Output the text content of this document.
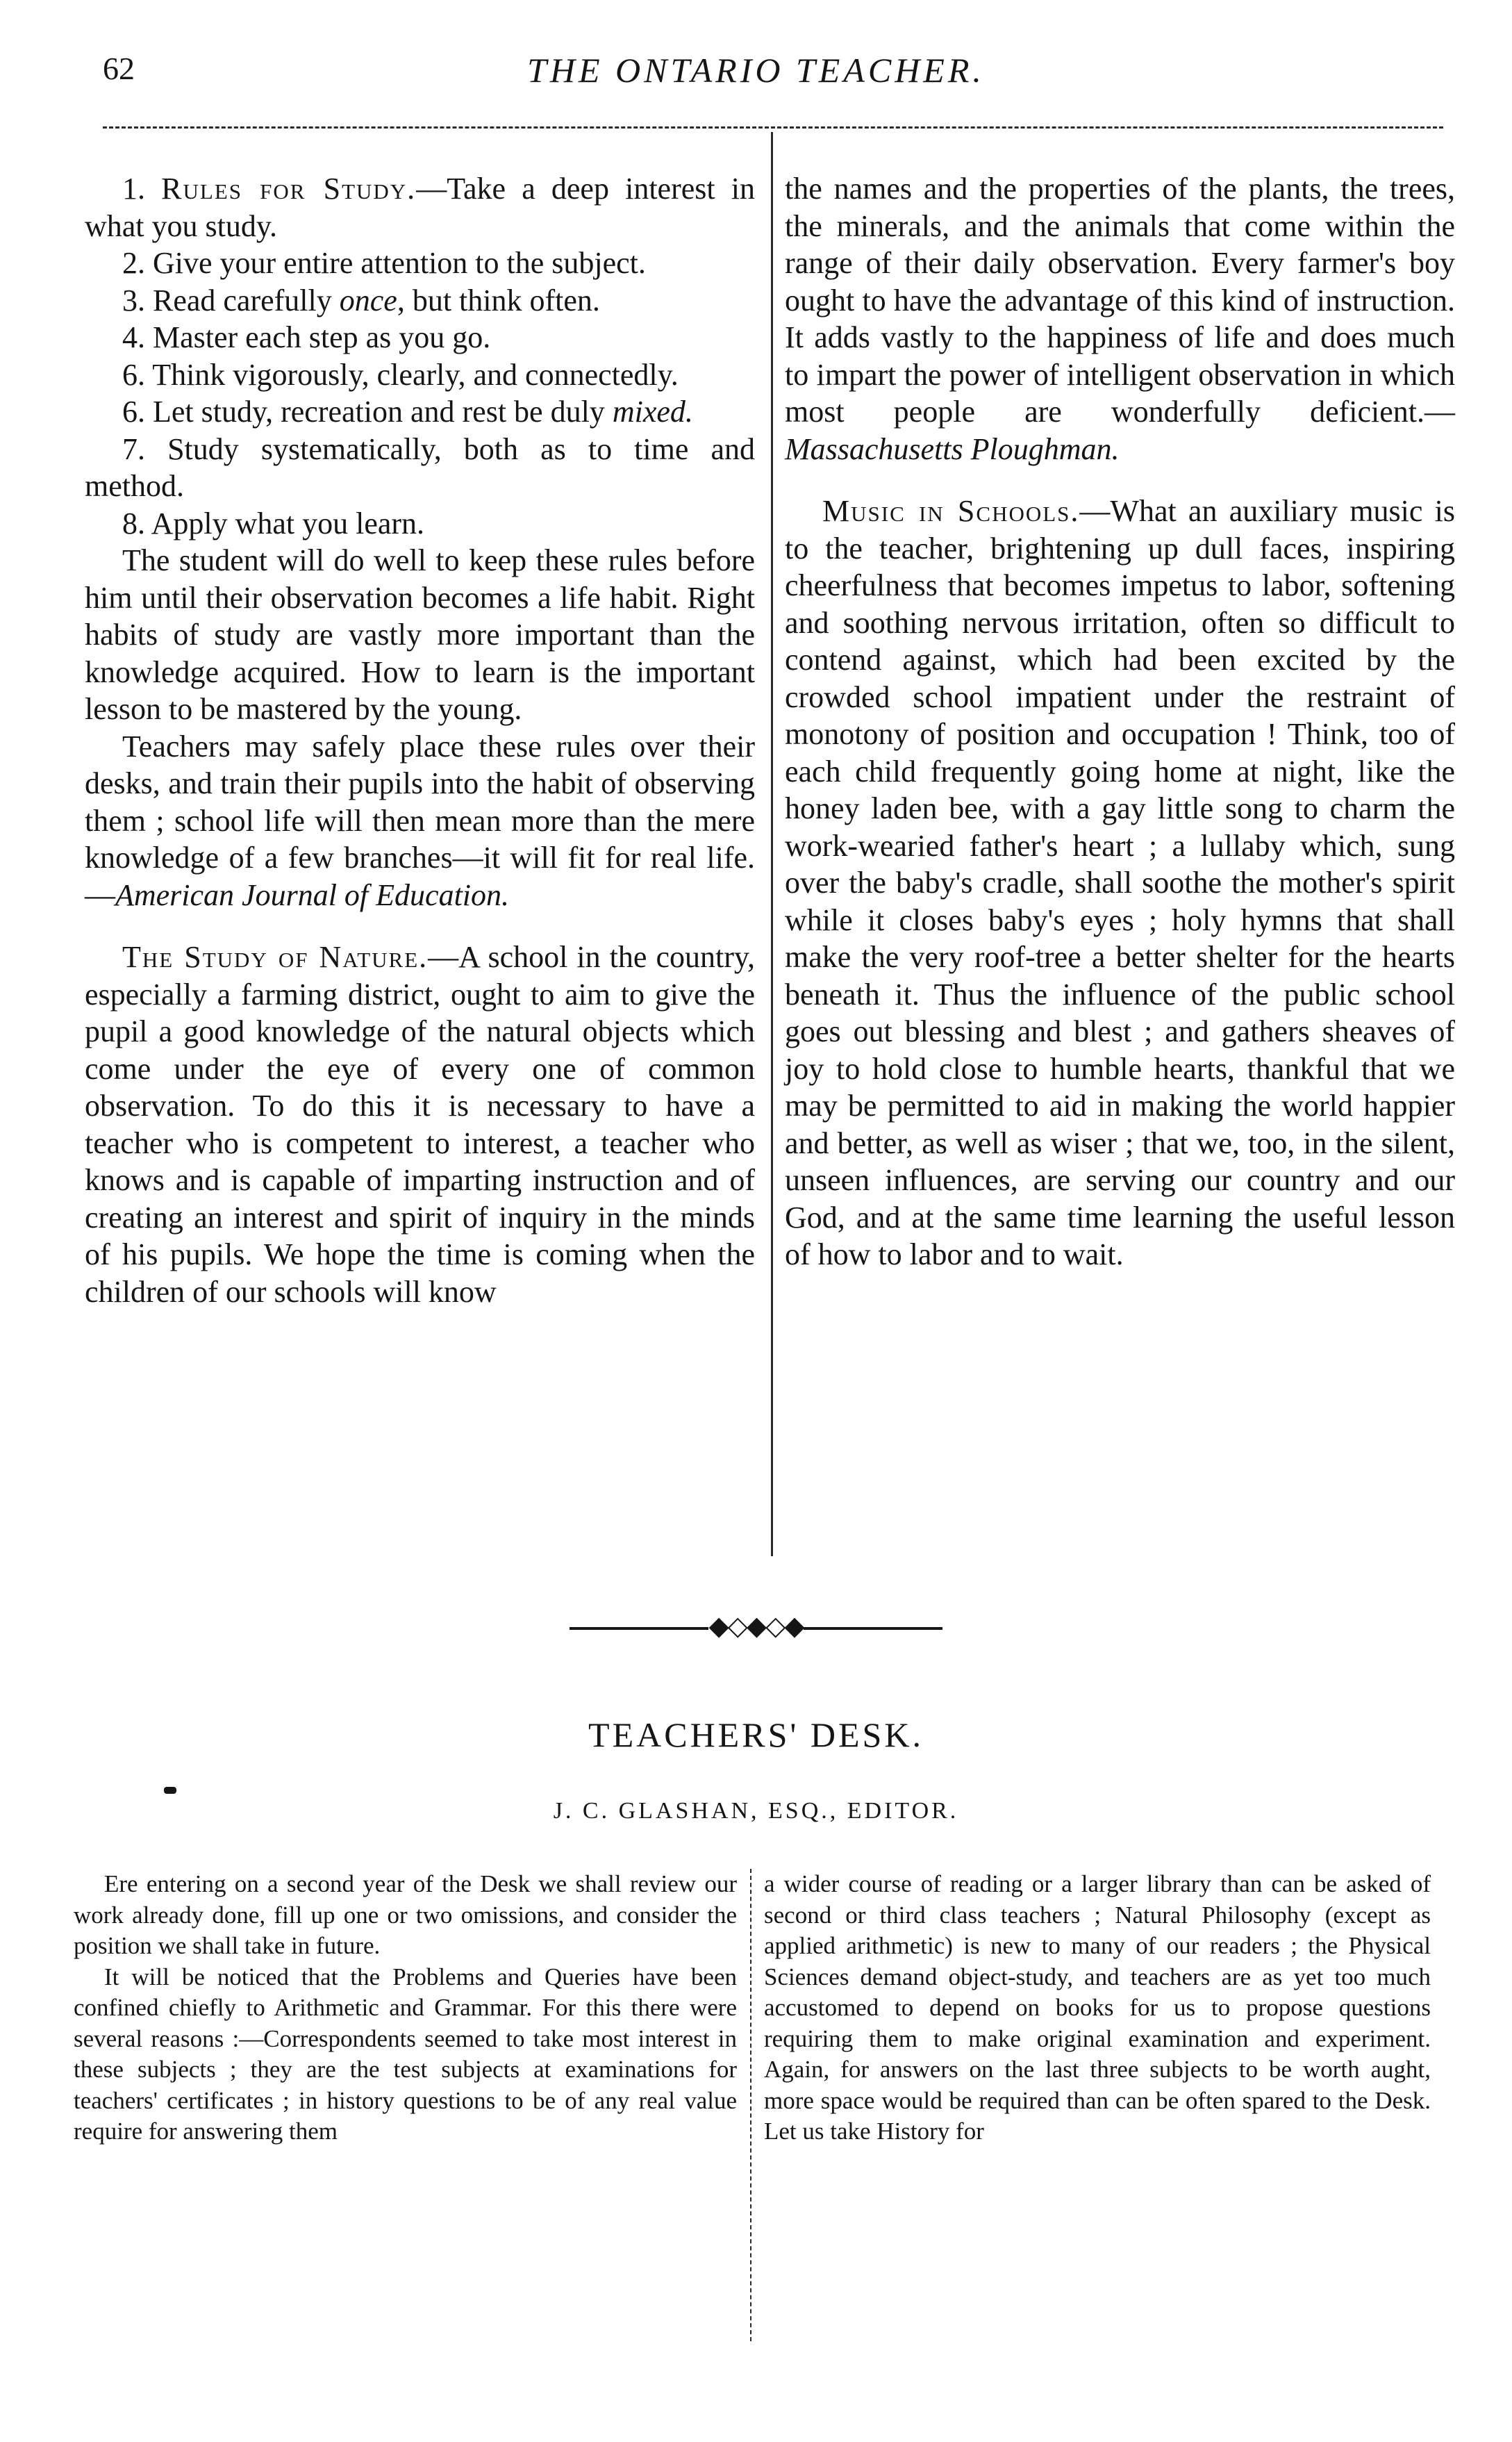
62	THE ONTARIO TEACHER.

1. Rules for Study.—Take a deep interest in what you study.

2. Give your entire attention to the subject.

3. Read carefully once, but think often.

4. Master each step as you go.

6. Think vigorously, clearly, and connectedly.

6. Let study, recreation and rest be duly mixed.

7. Study systematically, both as to time and method.

8. Apply what you learn.

The student will do well to keep these rules before him until their observation becomes a life habit. Right habits of study are vastly more important than the knowledge acquired. How to learn is the important lesson to be mastered by the young.

Teachers may safely place these rules over their desks, and train their pupils into the habit of observing them ; school life will then mean more than the mere knowledge of a few branches—it will fit for real life.—American Journal of Education.

The Study of Nature.—A school in the country, especially a farming district, ought to aim to give the pupil a good knowledge of the natural objects which come under the eye of every one of common observation. To do this it is necessary to have a teacher who is competent to interest, a teacher who knows and is capable of imparting instruction and of creating an interest and spirit of inquiry in the minds of his pupils. We hope the time is coming when the children of our schools will know

the names and the properties of the plants, the trees, the minerals, and the animals that come within the range of their daily observation. Every farmer's boy ought to have the advantage of this kind of instruction. It adds vastly to the happiness of life and does much to impart the power of intelligent observation in which most people are wonderfully deficient.—Massachusetts Ploughman.

Music in Schools.—What an auxiliary music is to the teacher, brightening up dull faces, inspiring cheerfulness that becomes impetus to labor, softening and soothing nervous irritation, often so difficult to contend against, which had been excited by the crowded school impatient under the restraint of monotony of position and occupation ! Think, too of each child frequently going home at night, like the honey laden bee, with a gay little song to charm the work-wearied father's heart ; a lullaby which, sung over the baby's cradle, shall soothe the mother's spirit while it closes baby's eyes ; holy hymns that shall make the very roof-tree a better shelter for the hearts beneath it. Thus the influence of the public school goes out blessing and blest ; and gathers sheaves of joy to hold close to humble hearts, thankful that we may be permitted to aid in making the world happier and better, as well as wiser ; that we, too, in the silent, unseen influences, are serving our country and our God, and at the same time learning the useful lesson of how to labor and to wait.

◆◇◆◇◆
TEACHERS' DESK.
J. C. GLASHAN, ESQ., EDITOR.

Ere entering on a second year of the Desk we shall review our work already done, fill up one or two omissions, and consider the position we shall take in future.

It will be noticed that the Problems and Queries have been confined chiefly to Arithmetic and Grammar. For this there were several reasons :—Correspondents seemed to take most interest in these subjects ; they are the test subjects at examinations for teachers' certificates ; in history questions to be of any real value require for answering them

a wider course of reading or a larger library than can be asked of second or third class teachers ; Natural Philosophy (except as applied arithmetic) is new to many of our readers ; the Physical Sciences demand object-study, and teachers are as yet too much accustomed to depend on books for us to propose questions requiring them to make original examination and experiment. Again, for answers on the last three subjects to be worth aught, more space would be required than can be often spared to the Desk. Let us take History for
